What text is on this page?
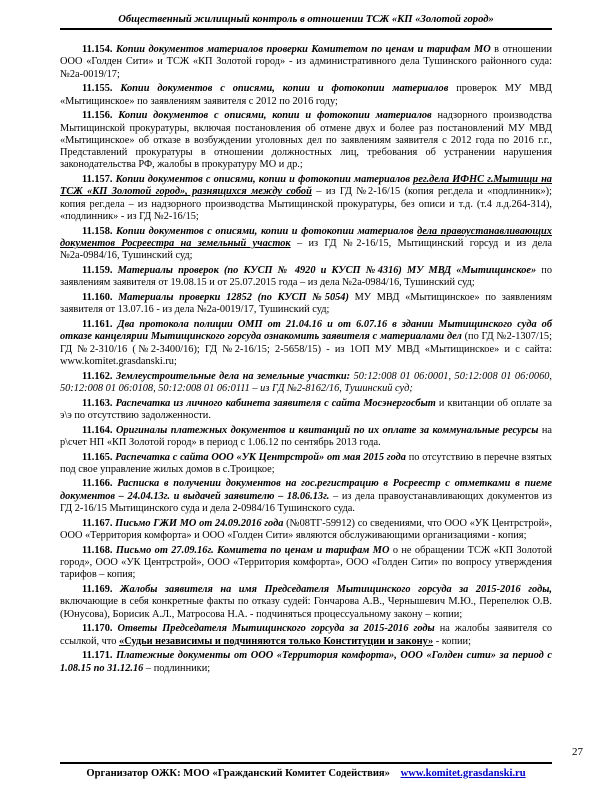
Общественный жилищный контроль в отношении ТСЖ «КП «Золотой город»

11.154. Копии документов материалов проверки Комитетом по ценам и тарифам МО в отношении ООО «Голден Сити» и ТСЖ «КП Золотой город» - из административного дела Тушинского районного суда: №2а-0019/17;

11.155. Копии документов с описями, копии и фотокопии материалов проверок МУ МВД «Мытищинское» по заявлениям заявителя с 2012 по 2016 году;

11.156. Копии документов с описями, копии и фотокопии материалов надзорного производства Мытищинской прокуратуры, включая постановления об отмене двух и более раз постановлений МУ МВД «Мытищинское» об отказе в возбуждении уголовных дел по заявлениям заявителя с 2012 года по 2016 г.г., Представлений прокуратуры в отношении должностных лиц, требования об устранении нарушения законодательства РФ, жалобы в прокуратуру МО и др.;

11.157. Копии документов с описями, копии и фотокопии материалов рег.дела ИФНС г.Мытищи на ТСЖ «КП Золотой город», разнящихся между собой – из ГД №2-16/15 (копия рег.дела и «подлинник»); копия рег.дела – из надзорного производства Мытищинской прокуратуры, без описи и т.д. (т.4 л.д.264-314), «подлинник» - из ГД №2-16/15;

11.158. Копии документов с описями, копии и фотокопии материалов дела правоустанавливающих документов Росреестра на земельный участок – из ГД №2-16/15, Мытищинский горсуд и из дела №2а-0984/16, Тушинский суд;

11.159. Материалы проверок (по КУСП № 4920 и КУСП №4316) МУ МВД «Мытищинское» по заявлениям заявителя от 19.08.15 и от 25.07.2015 года – из дела №2а-0984/16, Тушинский суд;

11.160. Материалы проверки 12852 (по КУСП №5054) МУ МВД «Мытищинское» по заявлениям заявителя от 13.07.16 - из дела №2а-0019/17, Тушинский суд;

11.161. Два протокола полиции ОМП от 21.04.16 и от 6.07.16 в здании Мытищинского суда об отказе канцелярии Мытищинского горсуда ознакомить заявителя с материалами дел (по ГД №2-1307/15; ГД №2-310/16 (№2-3400/16); ГД №2-16/15; 2-5658/15) - из 1ОП МУ МВД «Мытищинское» и с сайта: www.komitet.grasdanski.ru;

11.162. Землеустроительные дела на земельные участки: 50:12:008 01 06:0001, 50:12:008 01 06:0060, 50:12:008 01 06:0108, 50:12:008 01 06:0111 – из ГД №2-8162/16, Тушинский суд;

11.163. Распечатка из личного кабинета заявителя с сайта Мосэнергосбыт и квитанции об оплате за э\э по отсутствию задолженности.

11.164. Оригиналы платежных документов и квитанций по их оплате за коммунальные ресурсы на р\счет НП «КП Золотой город» в период с 1.06.12 по сентябрь 2013 года.

11.165. Распечатка с сайта ООО «УК Центрстрой» от мая 2015 года по отсутствию в перечне взятых под свое управление жилых домов в с.Троицкое;

11.166. Расписка в получении документов на гос.регистрацию в Росреестр с отметками в пиеме документов – 24.04.13г. и выдачей заявителю – 18.06.13г. – из дела правоустанавливающих документов из ГД 2-16/15 Мытищинского суда и дела 2-0984/16 Тушинского суда.

11.167. Письмо ГЖИ МО от 24.09.2016 года (№08ТГ-59912) со сведениями, что ООО «УК Центрстрой», ООО «Территория комфорта» и ООО «Голден Сити» являются обслуживающими организациями - копия;

11.168. Письмо от 27.09.16г. Комитета по ценам и тарифам МО о не обращении ТСЖ «КП Золотой город», ООО «УК Центрстрой», ООО «Территория комфорта», ООО «Голден Сити» по вопросу утверждения тарифов – копия;

11.169. Жалобы заявителя на имя Председателя Мытищинского горсуда за 2015-2016 годы, включающие в себя конкретные факты по отказу судей: Гончарова А.В., Чернышевич М.Ю., Перепелюк О.В. (Юнусова), Борисик А.Л., Матросова Н.А. - подчиняться процессуальному закону – копии;

11.170. Ответы Председателя Мытищинского горсуда за 2015-2016 годы на жалобы заявителя со ссылкой, что «Судьи независимы и подчиняются только Конституции и закону» - копии;

11.171. Платежные документы от ООО «Территория комфорта», ООО «Голден сити» за период с 1.08.15 по 31.12.16 – подлинники;

27
Организатор ОЖК: МОО «Гражданский Комитет Содействия» www.komitet.grasdanski.ru
